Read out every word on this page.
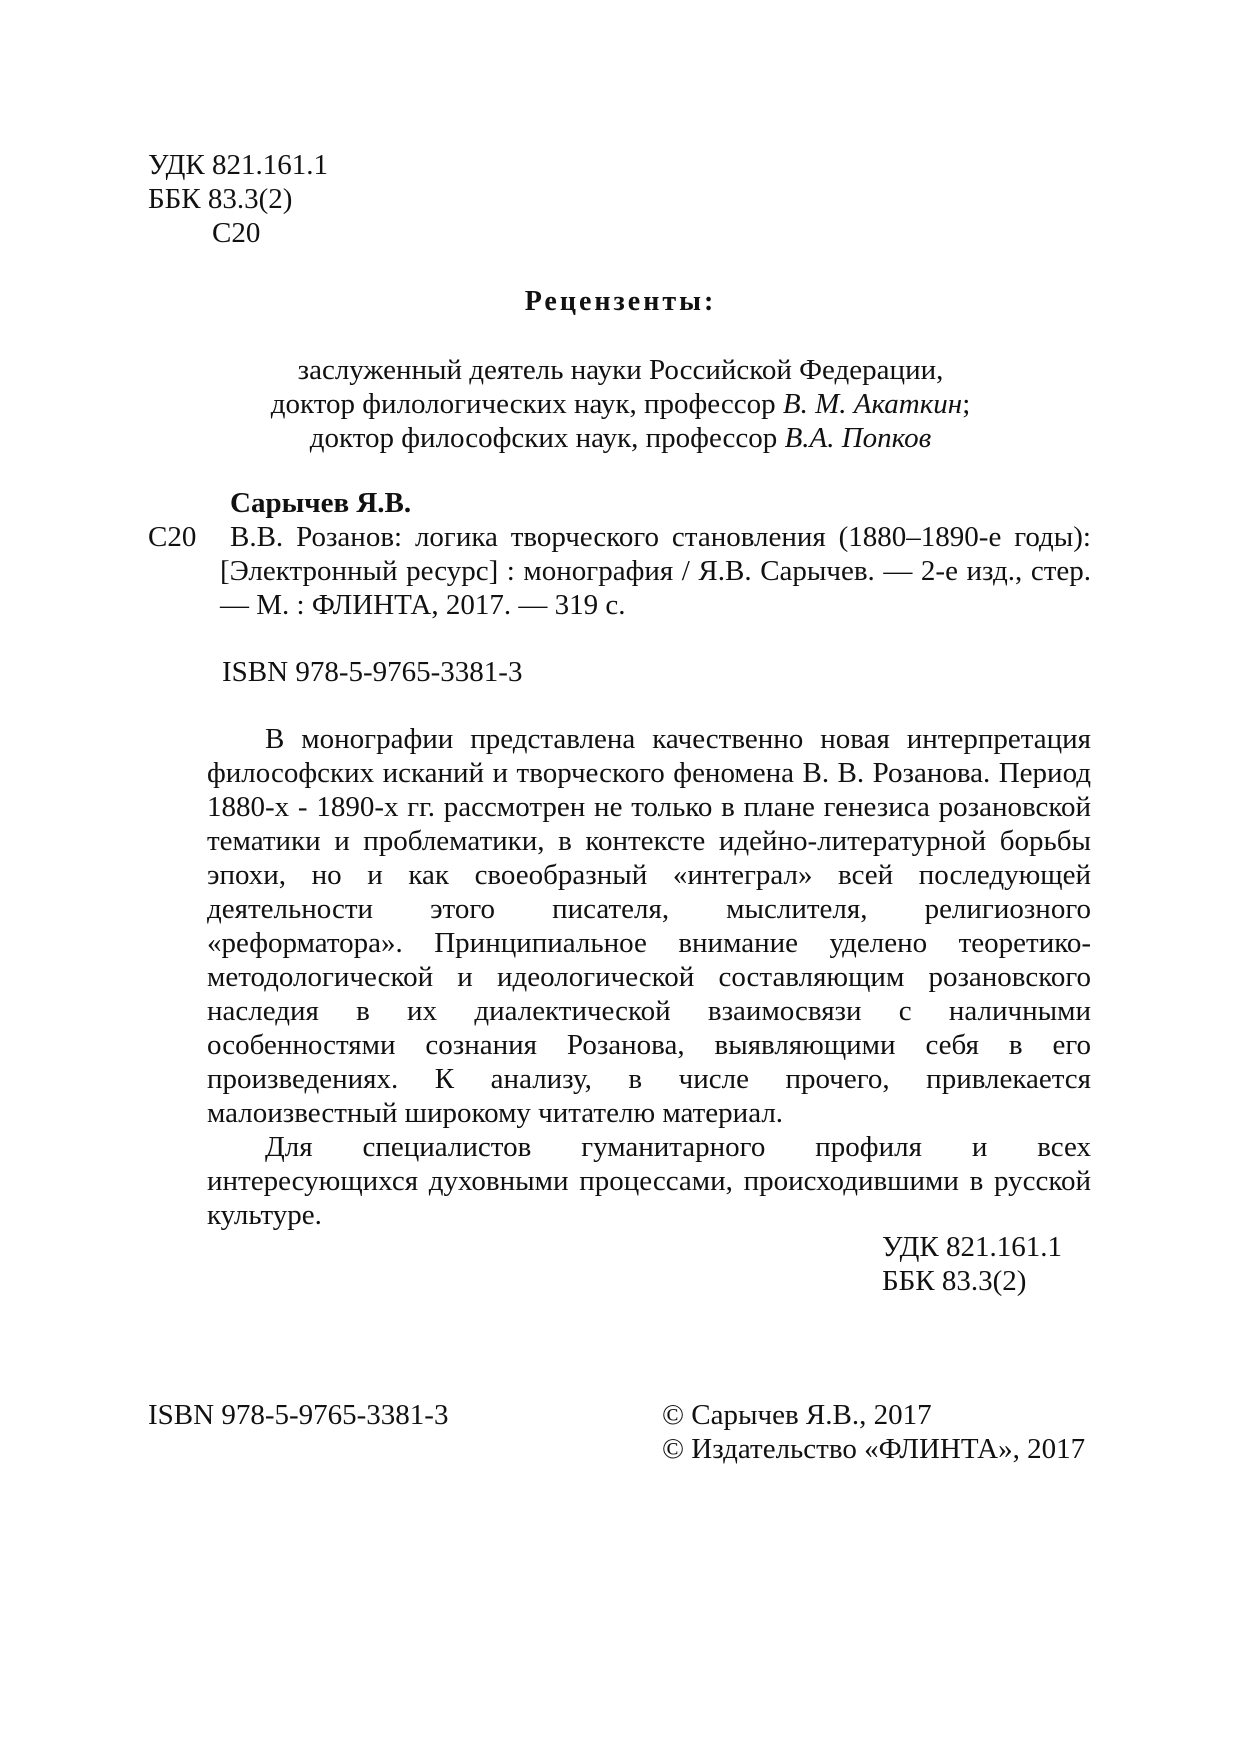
УДК 821.161.1
ББК 83.3(2)
С20
Рецензенты:
заслуженный деятель науки Российской Федерации,
доктор филологических наук, профессор В. М. Акаткин;
доктор философских наук, профессор В.А. Попков
Сарычев Я.В.
С20 В.В. Розанов: логика творческого становления (1880–1890-е годы):
[Электронный ресурс] : монография / Я.В. Сарычев. — 2-е изд., стер.
— М. : ФЛИНТА, 2017. — 319 с.
ISBN 978-5-9765-3381-3
В монографии представлена качественно новая интерпретация
философских исканий и творческого феномена В. В. Розанова. Период
1880-х - 1890-х гг. рассмотрен не только в плане генезиса розановской
тематики и проблематики, в контексте идейно-литературной борьбы
эпохи, но и как своеобразный «интеграл» всей последующей
деятельности этого писателя, мыслителя, религиозного
«реформатора». Принципиальное внимание уделено теоретико-
методологической и идеологической составляющим розановского
наследия в их диалектической взаимосвязи с наличными
особенностями сознания Розанова, выявляющими себя в его
произведениях. К анализу, в числе прочего, привлекается
малоизвестный широкому читателю материал.
Для специалистов гуманитарного профиля и всех
интересующихся духовными процессами, происходившими в русской
культуре.
УДК 821.161.1
ББК 83.3(2)
ISBN 978-5-9765-3381-3	© Сарычев Я.В., 2017
© Издательство «ФЛИНТА», 2017
